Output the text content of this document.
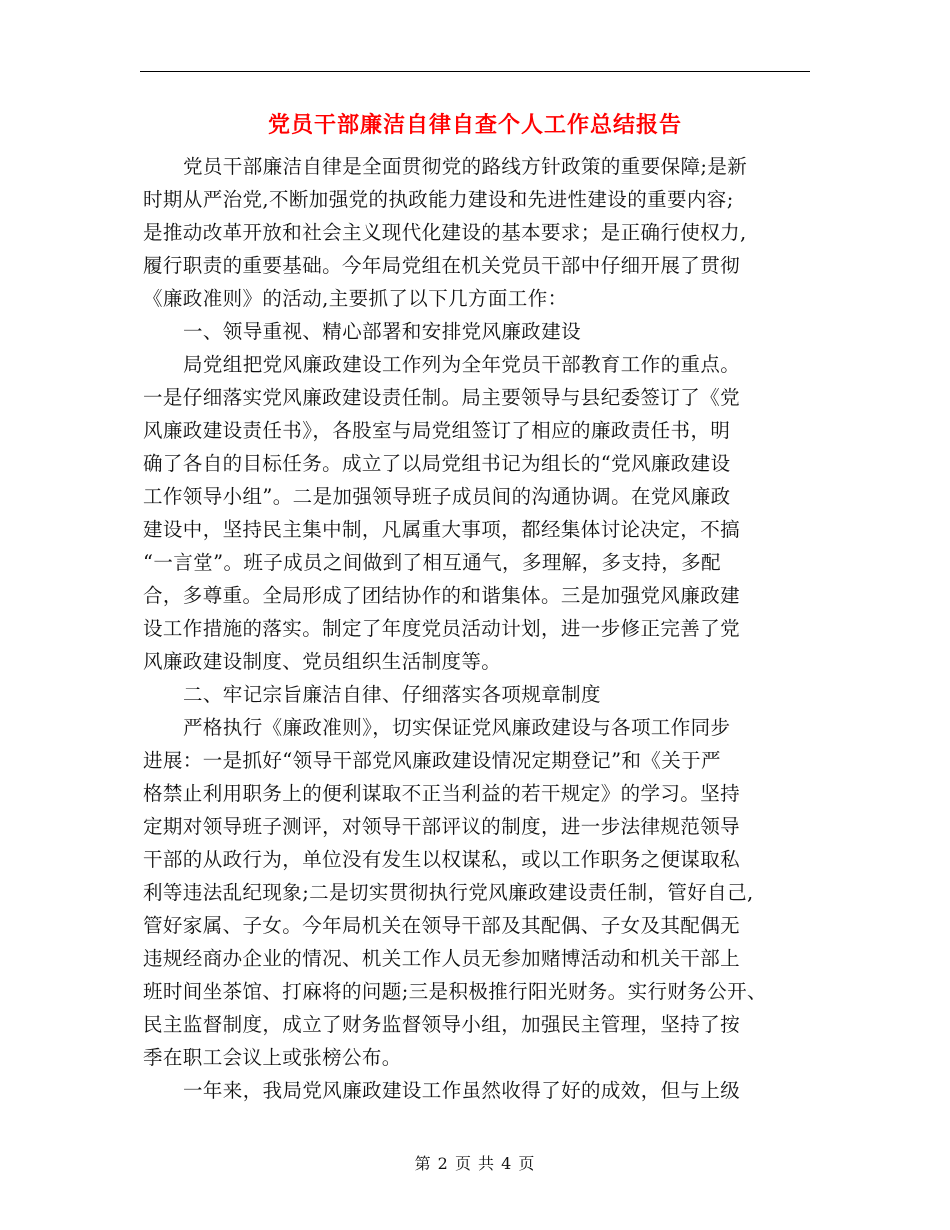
党员干部廉洁自律自查个人工作总结报告
党员干部廉洁自律是全面贯彻党的路线方针政策的重要保障;是新
时期从严治党,不断加强党的执政能力建设和先进性建设的重要内容;
是推动改革开放和社会主义现代化建设的基本要求；是正确行使权力,
履行职责的重要基础。今年局党组在机关党员干部中仔细开展了贯彻
《廉政准则》的活动,主要抓了以下几方面工作：
一、领导重视、精心部署和安排党风廉政建设
局党组把党风廉政建设工作列为全年党员干部教育工作的重点。
一是仔细落实党风廉政建设责任制。局主要领导与县纪委签订了《党
风廉政建设责任书》，各股室与局党组签订了相应的廉政责任书，明
确了各自的目标任务。成立了以局党组书记为组长的“党风廉政建设
工作领导小组”。二是加强领导班子成员间的沟通协调。在党风廉政
建设中，坚持民主集中制，凡属重大事项，都经集体讨论决定，不搞
“一言堂”。班子成员之间做到了相互通气，多理解，多支持，多配
合，多尊重。全局形成了团结协作的和谐集体。三是加强党风廉政建
设工作措施的落实。制定了年度党员活动计划，进一步修正完善了党
风廉政建设制度、党员组织生活制度等。
二、牢记宗旨廉洁自律、仔细落实各项规章制度
严格执行《廉政准则》，切实保证党风廉政建设与各项工作同步
进展：一是抓好“领导干部党风廉政建设情况定期登记”和《关于严
格禁止利用职务上的便利谋取不正当利益的若干规定》的学习。坚持
定期对领导班子测评，对领导干部评议的制度，进一步法律规范领导
干部的从政行为，单位没有发生以权谋私，或以工作职务之便谋取私
利等违法乱纪现象;二是切实贯彻执行党风廉政建设责任制，管好自己,
管好家属、子女。今年局机关在领导干部及其配偶、子女及其配偶无
违规经商办企业的情况、机关工作人员无参加赌博活动和机关干部上
班时间坐茶馆、打麻将的问题;三是积极推行阳光财务。实行财务公开、
民主监督制度，成立了财务监督领导小组，加强民主管理，坚持了按
季在职工会议上或张榜公布。
一年来，我局党风廉政建设工作虽然收得了好的成效，但与上级
第 2 页 共 4 页
